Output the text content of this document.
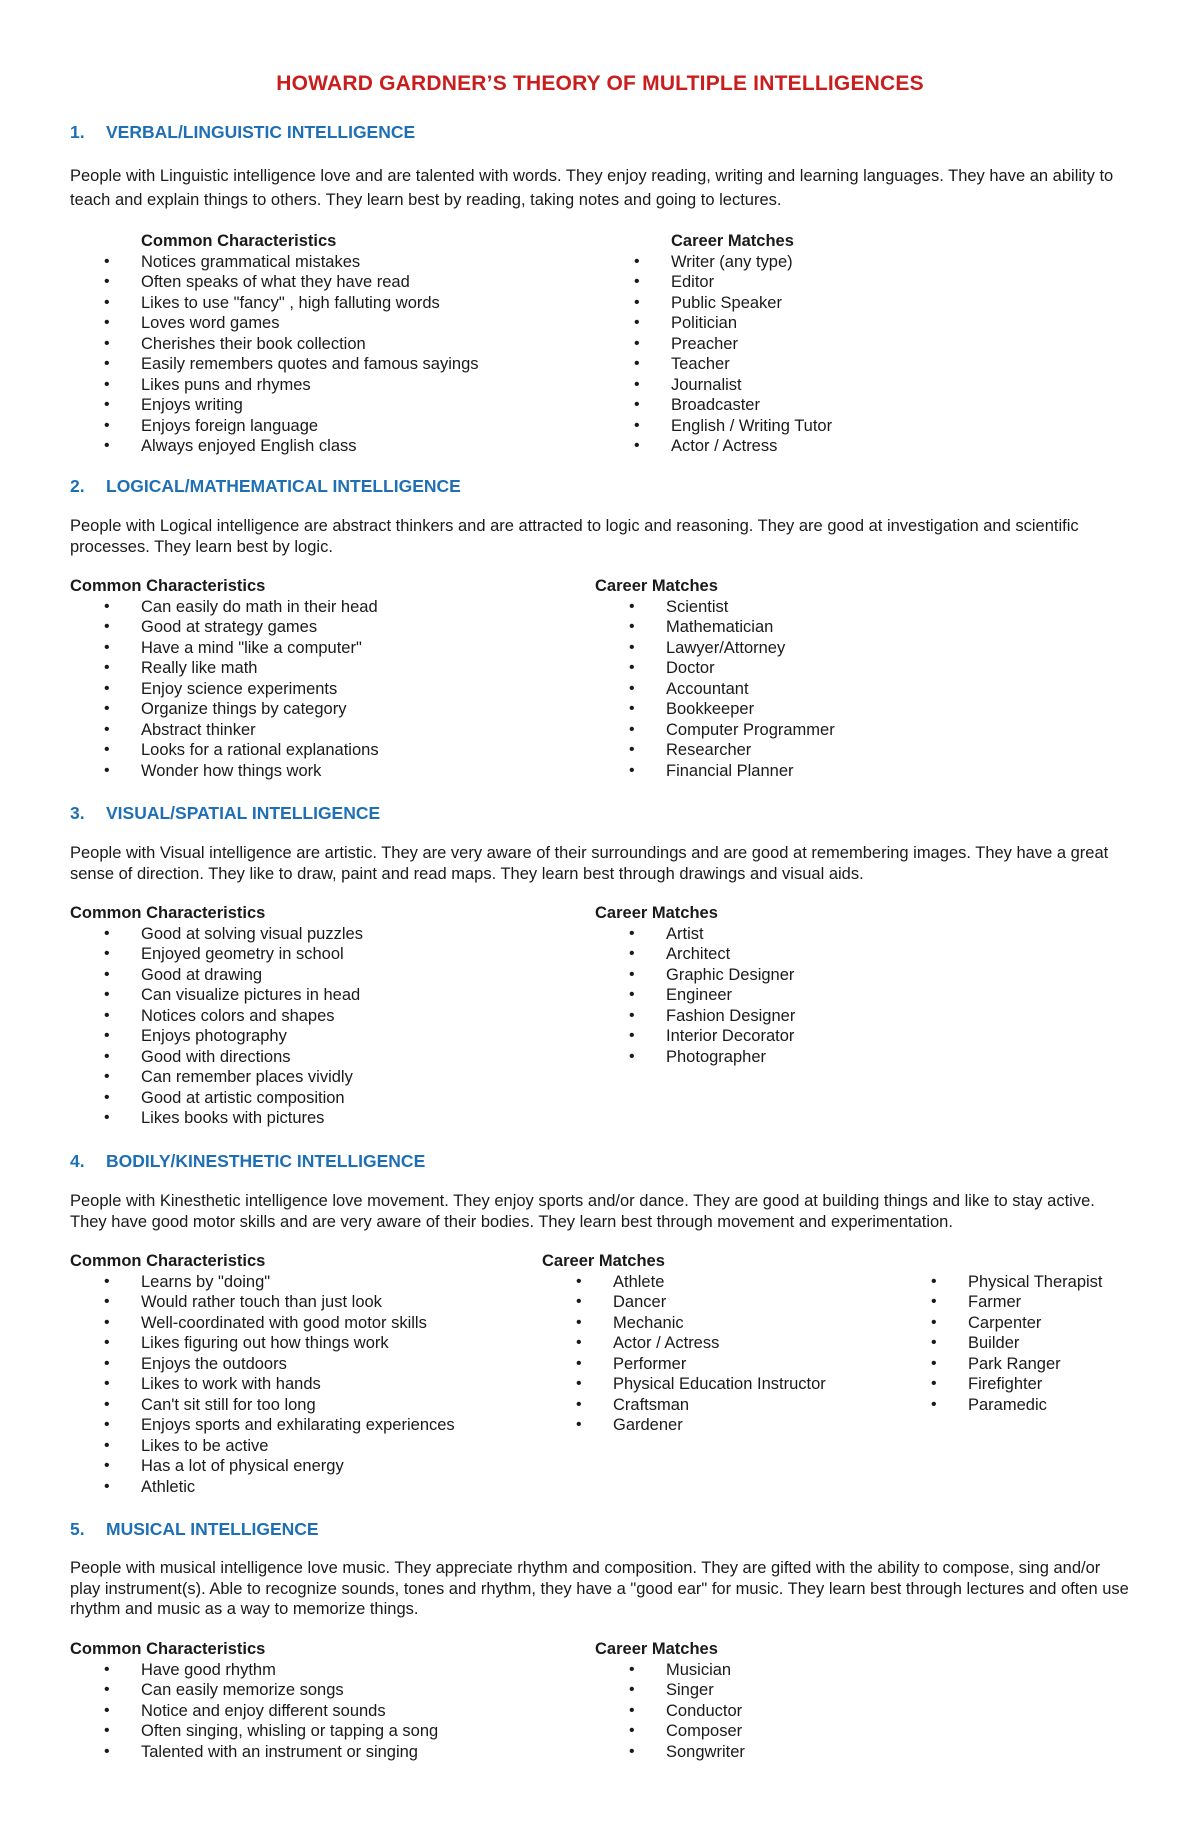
HOWARD GARDNER’S THEORY OF MULTIPLE INTELLIGENCES
1. VERBAL/LINGUISTIC INTELLIGENCE

People with Linguistic intelligence love and are talented with words. They enjoy reading, writing and learning languages. They have an ability to teach and explain things to others. They learn best by reading, taking notes and going to lectures.

Common Characteristics
• Notices grammatical mistakes
• Often speaks of what they have read
• Likes to use "fancy" , high falluting words
• Loves word games
• Cherishes their book collection
• Easily remembers quotes and famous sayings
• Likes puns and rhymes
• Enjoys writing
• Enjoys foreign language
• Always enjoyed English class
Career Matches
• Writer (any type)
• Editor
• Public Speaker
• Politician
• Preacher
• Teacher
• Journalist
• Broadcaster
• English / Writing Tutor
• Actor / Actress
2. LOGICAL/MATHEMATICAL INTELLIGENCE

People with Logical intelligence are abstract thinkers and are attracted to logic and reasoning. They are good at investigation and scientific processes. They learn best by logic.

Common Characteristics
• Can easily do math in their head
• Good at strategy games
• Have a mind "like a computer"
• Really like math
• Enjoy science experiments
• Organize things by category
• Abstract thinker
• Looks for a rational explanations
• Wonder how things work
Career Matches
• Scientist
• Mathematician
• Lawyer/Attorney
• Doctor
• Accountant
• Bookkeeper
• Computer Programmer
• Researcher
• Financial Planner
3. VISUAL/SPATIAL INTELLIGENCE

People with Visual intelligence are artistic. They are very aware of their surroundings and are good at remembering images. They have a great sense of direction. They like to draw, paint and read maps. They learn best through drawings and visual aids.

Common Characteristics
• Good at solving visual puzzles
• Enjoyed geometry in school
• Good at drawing
• Can visualize pictures in head
• Notices colors and shapes
• Enjoys photography
• Good with directions
• Can remember places vividly
• Good at artistic composition
• Likes books with pictures
Career Matches
• Artist
• Architect
• Graphic Designer
• Engineer
• Fashion Designer
• Interior Decorator
• Photographer
4. BODILY/KINESTHETIC INTELLIGENCE

People with Kinesthetic intelligence love movement. They enjoy sports and/or dance. They are good at building things and like to stay active. They have good motor skills and are very aware of their bodies. They learn best through movement and experimentation.

Common Characteristics
• Learns by "doing"
• Would rather touch than just look
• Well-coordinated with good motor skills
• Likes figuring out how things work
• Enjoys the outdoors
• Likes to work with hands
• Can't sit still for too long
• Enjoys sports and exhilarating experiences
• Likes to be active
• Has a lot of physical energy
• Athletic
Career Matches
• Athlete
• Dancer
• Mechanic
• Actor / Actress
• Performer
• Physical Education Instructor
• Craftsman
• Gardener
• Physical Therapist
• Farmer
• Carpenter
• Builder
• Park Ranger
• Firefighter
• Paramedic
5. MUSICAL INTELLIGENCE

People with musical intelligence love music. They appreciate rhythm and composition. They are gifted with the ability to compose, sing and/or play instrument(s). Able to recognize sounds, tones and rhythm, they have a "good ear" for music. They learn best through lectures and often use rhythm and music as a way to memorize things.

Common Characteristics
• Have good rhythm
• Can easily memorize songs
• Notice and enjoy different sounds
• Often singing, whisling or tapping a song
• Talented with an instrument or singing
Career Matches
• Musician
• Singer
• Conductor
• Composer
• Songwriter
